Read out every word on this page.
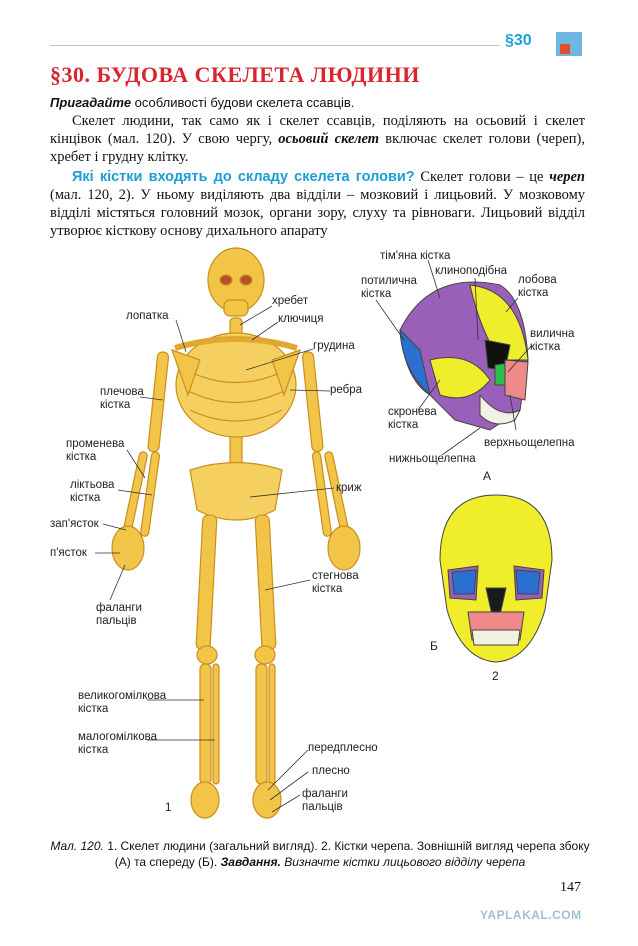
§30
§30. БУДОВА СКЕЛЕТА ЛЮДИНИ
Пригадайте особливості будови скелета ссавців.
Скелет людини, так само як і скелет ссавців, поділяють на осьовий і скелет кінцівок (мал. 120). У свою чергу, осьовий скелет включає скелет голови (череп), хребет і грудну клітку.
Які кістки входять до складу скелета голови? Скелет голови – це череп (мал. 120, 2). У ньому виділяють два відділи – мозковий і лицьовий. У мозковому відділі містяться головний мозок, органи зору, слуху та рівноваги. Лицьовий відділ утворює кісткову основу дихального апарату
лопатка
хребет
ключиця
грудина
ребра
плечова кістка
променева кістка
ліктьова кістка
зап'ясток
п'ясток
фаланги пальців
криж
стегнова кістка
великогомілкова кістка
малогомілкова кістка	передплесно
плесно
фаланги пальців
1
тім'яна кістка
потилична кістка
клиноподібна
лобова кістка
вилична кістка
скронева кістка
верхньощелепна
нижньощелепна
А
Б
2
Мал. 120. 1. Скелет людини (загальний вигляд). 2. Кістки черепа. Зовнішній вигляд черепа збоку (А) та спереду (Б). Завдання. Визначте кістки лицьового відділу черепа
147
YAPLAKAL.COM
